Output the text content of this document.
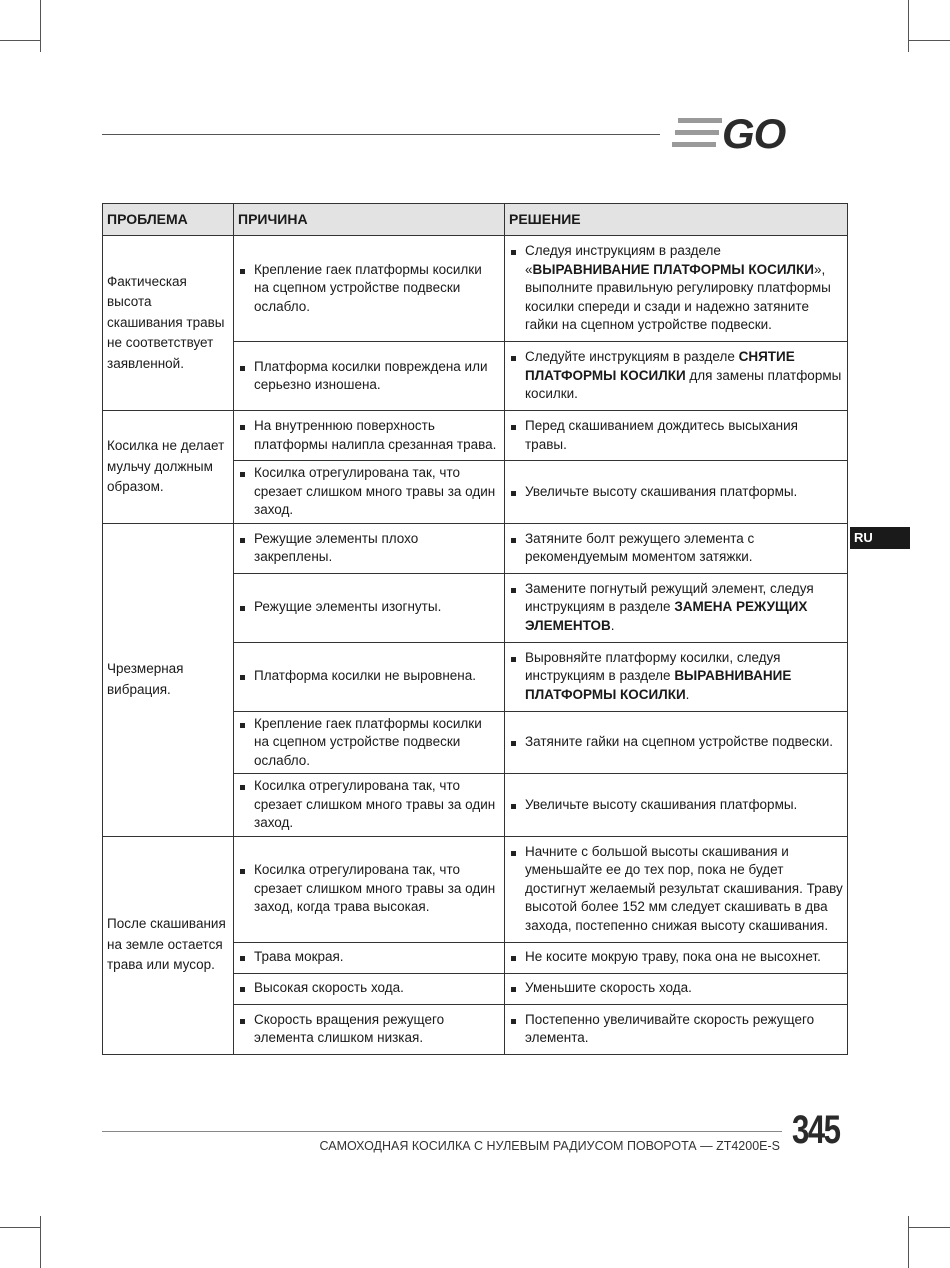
GO
ПРОБЛЕМА	ПРИЧИНА	РЕШЕНИЕ
Фактическая высота скашивания травы не соответствует заявленной.	Крепление гаек платформы косилки на сцепном устройстве подвески ослабло.	Следуя инструкциям в разделе «ВЫРАВНИВАНИЕ ПЛАТФОРМЫ КОСИЛКИ», выполните правильную регулировку платформы косилки спереди и сзади и надежно затяните гайки на сцепном устройстве подвески.

	Платформа косилки повреждена или серьезно изношена.	Следуйте инструкциям в разделе СНЯТИЕ ПЛАТФОРМЫ КОСИЛКИ для замены платформы косилки.

Косилка не делает мульчу должным образом.	На внутреннюю поверхность платформы налипла срезанная трава.	Перед скашиванием дождитесь высыхания травы.

	Косилка отрегулирована так, что срезает слишком много травы за один заход.	Увеличьте высоту скашивания платформы.

Чрезмерная вибрация.	Режущие элементы плохо закреплены.	Затяните болт режущего элемента с рекомендуемым моментом затяжки.

	Режущие элементы изогнуты.	Замените погнутый режущий элемент, следуя инструкциям в разделе ЗАМЕНА РЕЖУЩИХ ЭЛЕМЕНТОВ.

	Платформа косилки не выровнена.	Выровняйте платформу косилки, следуя инструкциям в разделе ВЫРАВНИВАНИЕ ПЛАТФОРМЫ КОСИЛКИ.

	Крепление гаек платформы косилки на сцепном устройстве подвески ослабло.	Затяните гайки на сцепном устройстве подвески.

	Косилка отрегулирована так, что срезает слишком много травы за один заход.	Увеличьте высоту скашивания платформы.

После скашивания на земле остается трава или мусор.	Косилка отрегулирована так, что срезает слишком много травы за один заход, когда трава высокая.	Начните с большой высоты скашивания и уменьшайте ее до тех пор, пока не будет достигнут желаемый результат скашивания. Траву высотой более 152 мм следует скашивать в два захода, постепенно снижая высоту скашивания.

	Трава мокрая.	Не косите мокрую траву, пока она не высохнет.

	Высокая скорость хода.	Уменьшите скорость хода.

	Скорость вращения режущего элемента слишком низкая.	Постепенно увеличивайте скорость режущего элемента.
RU
САМОХОДНАЯ КОСИЛКА С НУЛЕВЫМ РАДИУСОМ ПОВОРОТА — ZT4200E-S 345
